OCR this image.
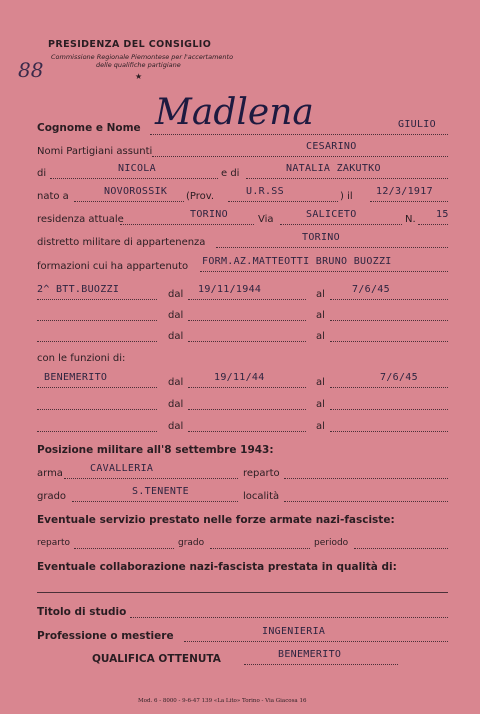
88
PRESIDENZA DEL CONSIGLIO
Commissione Regionale Piemontese per l'accertamento
delle qualifiche partigiane
★
Cognome e Nome Madlena	GIULIO
Nomi Partigiani assunti	CESARINO
di	NICOLA	e di	NATALIA ZAKUTKO
nato a	NOVOROSSIK (Prov.	U.R.SS	) il 12/3/1917
residenza attuale	TORINO	Via	SALICETO	N. 15
distretto militare di appartenenza	TORINO
formazioni cui ha appartenuto FORM.AZ.MATTEOTTI BRUNO BUOZZI
2^ BTT.BUOZZI	dal 19/11/1944	al	7/6/45
dal	al
dal	al
con le funzioni di:
BENEMERITO	dal	19/11/44	al	7/6/45
dal	al
dal	al
Posizione militare all'8 settembre 1943:
arma	CAVALLERIA	reparto
grado	S.TENENTE	località
Eventuale servizio prestato nelle forze armate nazi-fasciste:
reparto	grado	periodo
Eventuale collaborazione nazi-fascista prestata in qualità di:
Titolo di studio
Professione o mestiere	INGENIERIA
QUALIFICA OTTENUTA	BENEMERITO
Mod. 6 - 8000 - 9-6-47 139 «La Lito» Torino - Via Giacosa 16
